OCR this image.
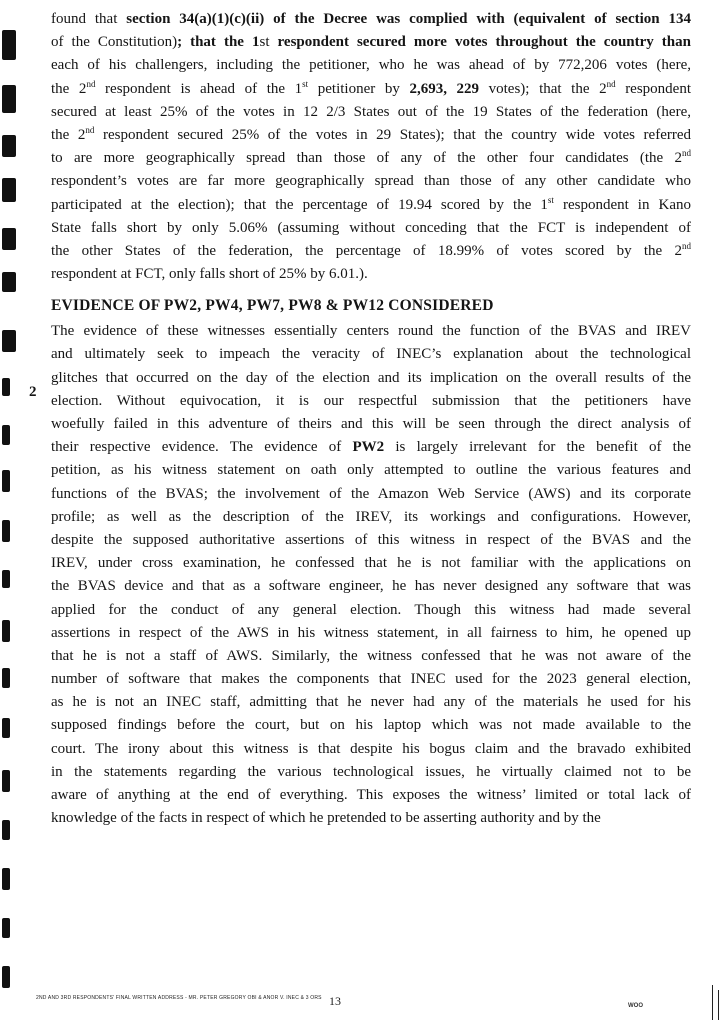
2
found that section 34(a)(1)(c)(ii) of the Decree was complied with (equivalent of section 134
of the Constitution); that the 1st respondent secured more votes throughout the country than
each of his challengers, including the petitioner, who he was ahead of by 772,206 votes (here,
the 2nd respondent is ahead of the 1st petitioner by 2,693, 229 votes); that the 2nd respondent
secured at least 25% of the votes in 12 2/3 States out of the 19 States of the federation (here,
the 2nd respondent secured 25% of the votes in 29 States); that the country wide votes referred
to are more geographically spread than those of any of the other four candidates (the 2nd
respondent’s votes are far more geographically spread than those of any other candidate who
participated at the election); that the percentage of 19.94 scored by the 1st respondent in Kano
State falls short by only 5.06% (assuming without conceding that the FCT is independent of
the other States of the federation, the percentage of 18.99% of votes scored by the 2nd
respondent at FCT, only falls short of 25% by 6.01.).
EVIDENCE OF PW2, PW4, PW7, PW8 & PW12 CONSIDERED
The evidence of these witnesses essentially centers round the function of the BVAS and IREV
and ultimately seek to impeach the veracity of INEC’s explanation about the technological
glitches that occurred on the day of the election and its implication on the overall results of the
election. Without equivocation, it is our respectful submission that the petitioners have
woefully failed in this adventure of theirs and this will be seen through the direct analysis of
their respective evidence. The evidence of PW2 is largely irrelevant for the benefit of the
petition, as his witness statement on oath only attempted to outline the various features and
functions of the BVAS; the involvement of the Amazon Web Service (AWS) and its corporate
profile; as well as the description of the IREV, its workings and configurations. However,
despite the supposed authoritative assertions of this witness in respect of the BVAS and the
IREV, under cross examination, he confessed that he is not familiar with the applications on
the BVAS device and that as a software engineer, he has never designed any software that was
applied for the conduct of any general election. Though this witness had made several
assertions in respect of the AWS in his witness statement, in all fairness to him, he opened up
that he is not a staff of AWS. Similarly, the witness confessed that he was not aware of the
number of software that makes the components that INEC used for the 2023 general election,
as he is not an INEC staff, admitting that he never had any of the materials he used for his
supposed findings before the court, but on his laptop which was not made available to the
court. The irony about this witness is that despite his bogus claim and the bravado exhibited
in the statements regarding the various technological issues, he virtually claimed not to be
aware of anything at the end of everything. This exposes the witness’ limited or total lack of
knowledge of the facts in respect of which he pretended to be asserting authority and by the
2ND AND 3RD RESPONDENTS' FINAL WRITTEN ADDRESS - MR. PETER GREGORY OBI & ANOR V. INEC & 3 ORS 13	WOO
